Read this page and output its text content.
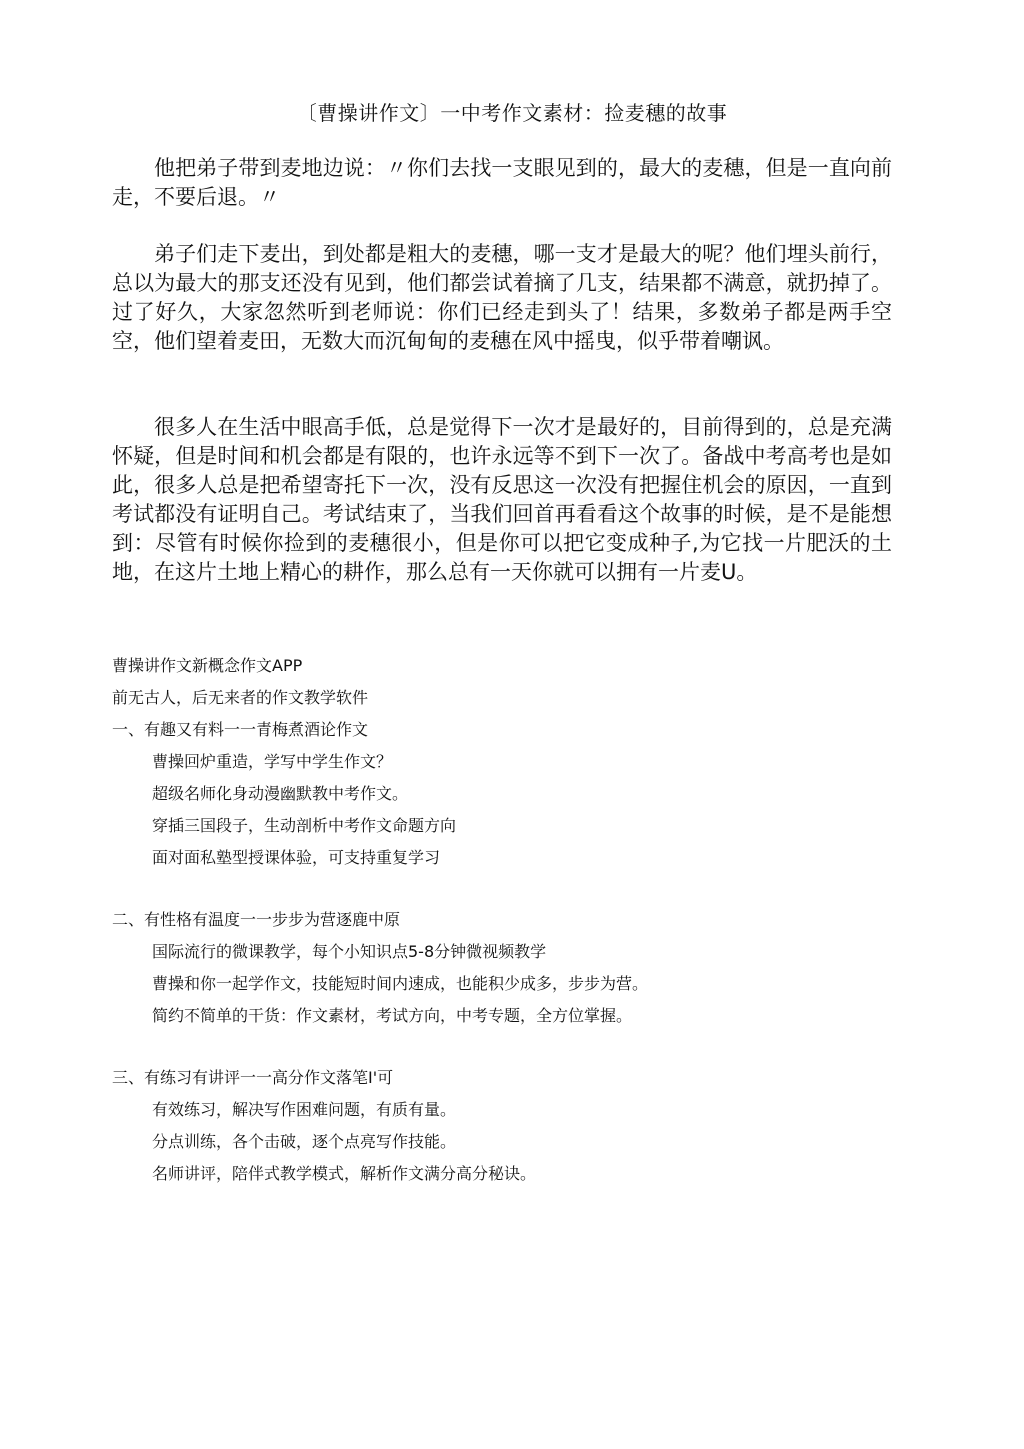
〔曹操讲作文〕一中考作文素材：捡麦穗的故事

他把弟子带到麦地边说：〃你们去找一支眼见到的，最大的麦穗，但是一直向前走，不要后退。〃

弟子们走下麦出，到处都是粗大的麦穗，哪一支才是最大的呢？他们埋头前行，总以为最大的那支还没有见到，他们都尝试着摘了几支，结果都不满意，就扔掉了。过了好久，大家忽然听到老师说：你们已经走到头了！结果，多数弟子都是两手空空，他们望着麦田，无数大而沉甸甸的麦穗在风中摇曳，似乎带着嘲讽。

很多人在生活中眼高手低，总是觉得下一次才是最好的，目前得到的，总是充满怀疑，但是时间和机会都是有限的，也许永远等不到下一次了。备战中考高考也是如此，很多人总是把希望寄托下一次，没有反思这一次没有把握住机会的原因，一直到考试都没有证明自己。考试结束了，当我们回首再看看这个故事的时候，是不是能想到：尽管有时候你捡到的麦穗很小，但是你可以把它变成种子,为它找一片肥沃的土地，在这片土地上精心的耕作，那么总有一天你就可以拥有一片麦U。

曹操讲作文新概念作文APP
前无古人，后无来者的作文教学软件
一、有趣又有料一一青梅煮酒论作文
曹操回炉重造，学写中学生作文？
超级名师化身动漫幽默教中考作文。
穿插三国段子，生动剖析中考作文命题方向
面对面私塾型授课体验，可支持重复学习
二、有性格有温度一一步步为营逐鹿中原
国际流行的微课教学，每个小知识点5-8分钟微视频教学
曹操和你一起学作文，技能短时间内速成，也能积少成多，步步为营。
简约不简单的干货：作文素材，考试方向，中考专题，全方位掌握。
三、有练习有讲评一一高分作文落笔I'可
有效练习，解决写作困难问题，有质有量。
分点训练，各个击破，逐个点亮写作技能。
名师讲评，陪伴式教学模式，解析作文满分高分秘诀。
